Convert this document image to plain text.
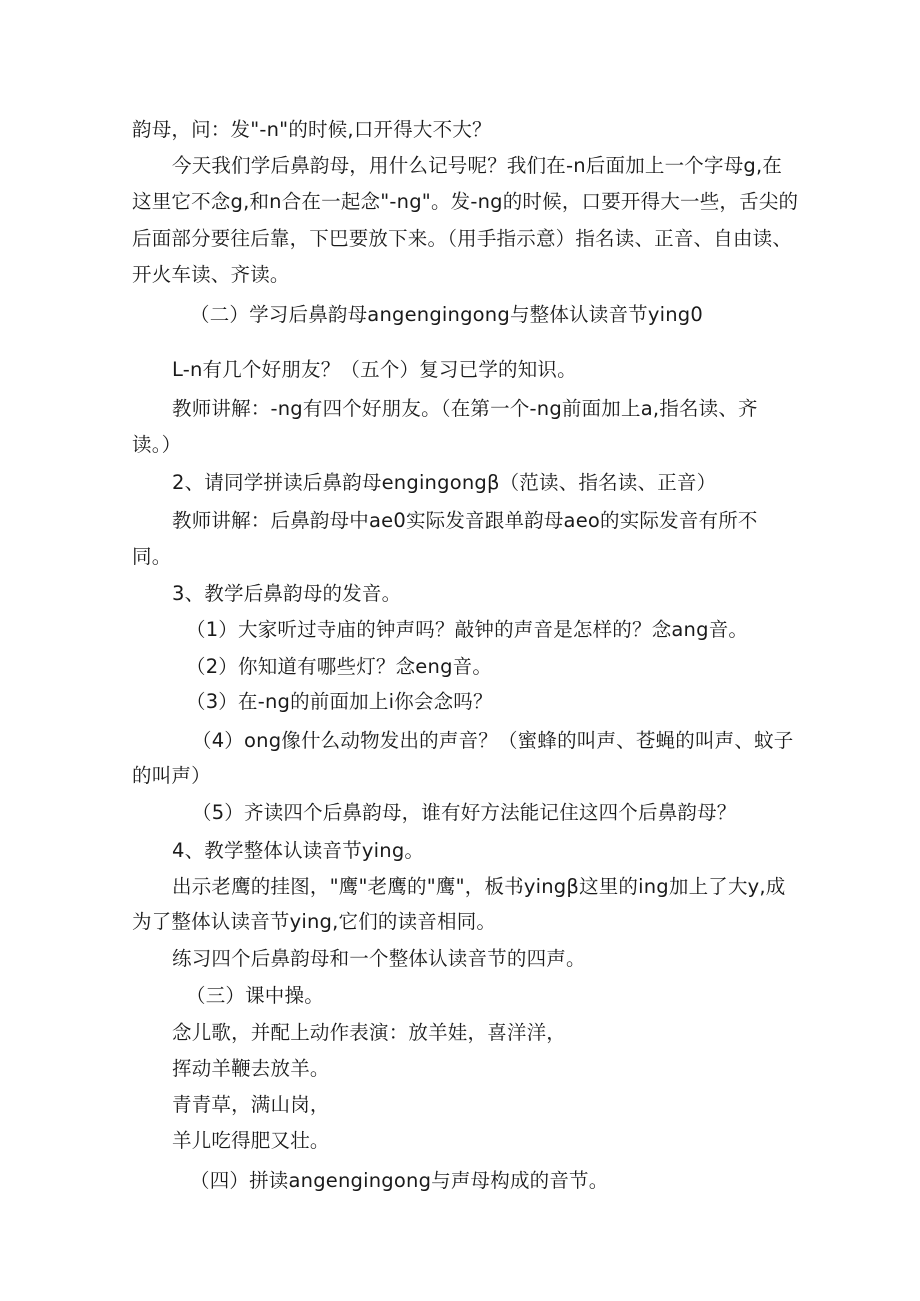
韵母，问：发"-n"的时候,口开得大不大？
今天我们学后鼻韵母，用什么记号呢？我们在-n后面加上一个字母g,在
这里它不念g,和n合在一起念"-ng"。发-ng的时候，口要开得大一些，舌尖的
后面部分要往后靠，下巴要放下来。（用手指示意）指名读、正音、自由读、
开火车读、齐读。
（二）学习后鼻韵母angengingong与整体认读音节ying0
L-n有几个好朋友？（五个）复习已学的知识。
教师讲解：-ng有四个好朋友。（在第一个-ng前面加上a,指名读、齐
读。）
2、请同学拼读后鼻韵母engingongβ（范读、指名读、正音）
教师讲解：后鼻韵母中ae0实际发音跟单韵母aeo的实际发音有所不
同。
3、教学后鼻韵母的发音。
（1）大家听过寺庙的钟声吗？敲钟的声音是怎样的？念ang音。
（2）你知道有哪些灯？念eng音。
（3）在-ng的前面加上i你会念吗？
（4）ong像什么动物发出的声音？（蜜蜂的叫声、苍蝇的叫声、蚊子
的叫声）
（5）齐读四个后鼻韵母，谁有好方法能记住这四个后鼻韵母？
4、教学整体认读音节ying。
出示老鹰的挂图，"鹰"老鹰的"鹰"，板书yingβ这里的ing加上了大y,成
为了整体认读音节ying,它们的读音相同。
练习四个后鼻韵母和一个整体认读音节的四声。
（三）课中操。
念儿歌，并配上动作表演：放羊娃，喜洋洋，
挥动羊鞭去放羊。
青青草，满山岗，
羊儿吃得肥又壮。
（四）拼读angengingong与声母构成的音节。
